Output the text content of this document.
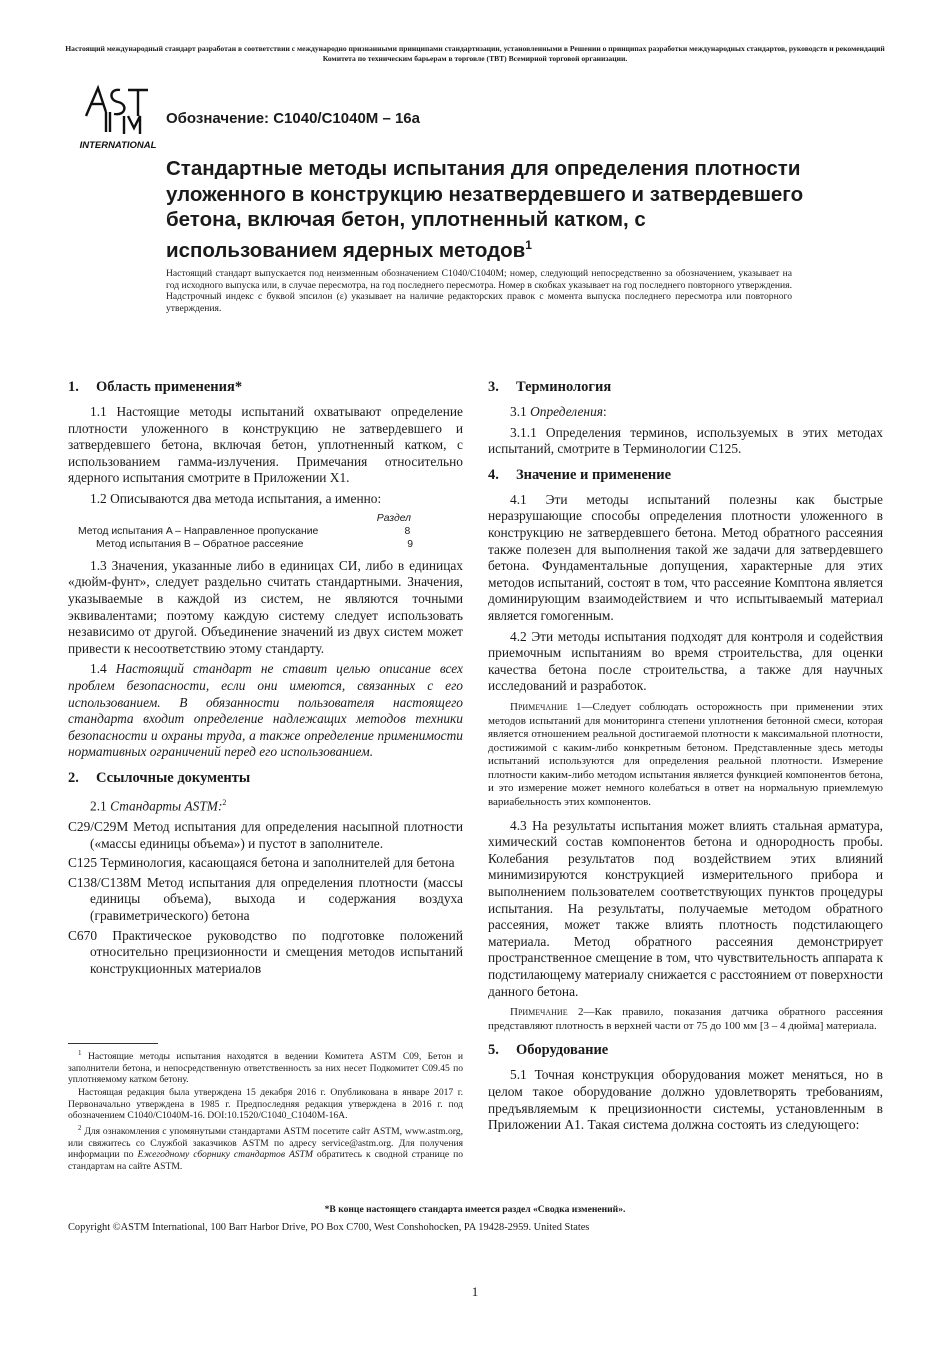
Настоящий международный стандарт разработан в соответствии с международно признанными принципами стандартизации, установленными в Решении о принципах разработки международных стандартов, руководств и рекомендаций Комитета по техническим барьерам в торговле (ТВТ) Всемирной торговой организации.
INTERNATIONAL
Обозначение: C1040/C1040M – 16a
Стандартные методы испытания для определения плотности уложенного в конструкцию незатвердевшего и затвердевшего бетона, включая бетон, уплотненный катком, с использованием ядерных методов$^1$
Настоящий стандарт выпускается под неизменным обозначением C1040/C1040M; номер, следующий непосредственно за обозначением, указывает на год исходного выпуска или, в случае пересмотра, на год последнего пересмотра. Номер в скобках указывает на год последнего повторного утверждения. Надстрочный индекс с буквой эпсилон (ε) указывает на наличие редакторских правок с момента выпуска последнего пересмотра или повторного утверждения.
1. Область применения*
1.1 Настоящие методы испытаний охватывают определение плотности уложенного в конструкцию не затвердевшего и затвердевшего бетона, включая бетон, уплотненный катком, с использованием гамма-излучения. Примечания относительно ядерного испытания смотрите в Приложении X1.
1.2 Описываются два метода испытания, а именно:
Раздел
Метод испытания A – Направленное пропускание	8
Метод испытания B – Обратное рассеяние	9
1.3 Значения, указанные либо в единицах СИ, либо в единицах «дюйм-фунт», следует раздельно считать стандартными. Значения, указываемые в каждой из систем, не являются точными эквивалентами; поэтому каждую систему следует использовать независимо от другой. Объединение значений из двух систем может привести к несоответствию этому стандарту.
1.4 Настоящий стандарт не ставит целью описание всех проблем безопасности, если они имеются, связанных с его использованием. В обязанности пользователя настоящего стандарта входит определение надлежащих методов техники безопасности и охраны труда, а также определение применимости нормативных ограничений перед его использованием.
2. Ссылочные документы
2.1 Стандарты ASTM:$^2$
C29/C29M Метод испытания для определения насыпной плотности («массы единицы объема») и пустот в заполнителе.
C125 Терминология, касающаяся бетона и заполнителей для бетона
C138/C138M Метод испытания для определения плотности (массы единицы объема), выхода и содержания воздуха (гравиметрического) бетона
C670 Практическое руководство по подготовке положений относительно прецизионности и смещения методов испытаний конструкционных материалов
3. Терминология
3.1 Определения:
3.1.1 Определения терминов, используемых в этих методах испытаний, смотрите в Терминологии C125.
4. Значение и применение
4.1 Эти методы испытаний полезны как быстрые неразрушающие способы определения плотности уложенного в конструкцию не затвердевшего бетона. Метод обратного рассеяния также полезен для выполнения такой же задачи для затвердевшего бетона. Фундаментальные допущения, характерные для этих методов испытаний, состоят в том, что рассеяние Комптона является доминирующим взаимодействием и что испытываемый материал является гомогенным.
4.2 Эти методы испытания подходят для контроля и содействия приемочным испытаниям во время строительства, для оценки качества бетона после строительства, а также для научных исследований и разработок.
Примечание 1—Следует соблюдать осторожность при применении этих методов испытаний для мониторинга степени уплотнения бетонной смеси, которая является отношением реальной достигаемой плотности к максимальной плотности, достижимой с каким-либо конкретным бетоном. Представленные здесь методы испытаний используются для определения реальной плотности. Измерение плотности каким-либо методом испытания является функцией компонентов бетона, и это измерение может немного колебаться в ответ на нормальную приемлемую вариабельность этих компонентов.
4.3 На результаты испытания может влиять стальная арматура, химический состав компонентов бетона и однородность пробы. Колебания результатов под воздействием этих влияний минимизируются конструкцией измерительного прибора и выполнением пользователем соответствующих пунктов процедуры испытания. На результаты, получаемые методом обратного рассеяния, может также влиять плотность подстилающего материала. Метод обратного рассеяния демонстрирует пространственное смещение в том, что чувствительность аппарата к подстилающему материалу снижается с расстоянием от поверхности данного бетона.
Примечание 2—Как правило, показания датчика обратного рассеяния представляют плотность в верхней части от 75 до 100 мм [3 – 4 дюйма] материала.
5. Оборудование
5.1 Точная конструкция оборудования может меняться, но в целом такое оборудование должно удовлетворять требованиям, предъявляемым к прецизионности системы, установленным в Приложении A1. Такая система должна состоять из следующего:
$^1$ Настоящие методы испытания находятся в ведении Комитета ASTM C09, Бетон и заполнители бетона, и непосредственную ответственность за них несет Подкомитет C09.45 по уплотняемому катком бетону.
Настоящая редакция была утверждена 15 декабря 2016 г. Опубликована в январе 2017 г. Первоначально утверждена в 1985 г. Предпоследняя редакция утверждена в 2016 г. под обозначением C1040/C1040M-16. DOI:10.1520/C1040_C1040M-16A.
$^2$ Для ознакомления с упомянутыми стандартами ASTM посетите сайт ASTM, www.astm.org, или свяжитесь со Службой заказчиков ASTM по адресу service@astm.org. Для получения информации по Ежегодному сборнику стандартов ASTM обратитесь к сводной странице по стандартам на сайте ASTM.
*В конце настоящего стандарта имеется раздел «Сводка изменений».
Copyright ©ASTM International, 100 Barr Harbor Drive, PO Box C700, West Conshohocken, PA 19428-2959. United States
1
